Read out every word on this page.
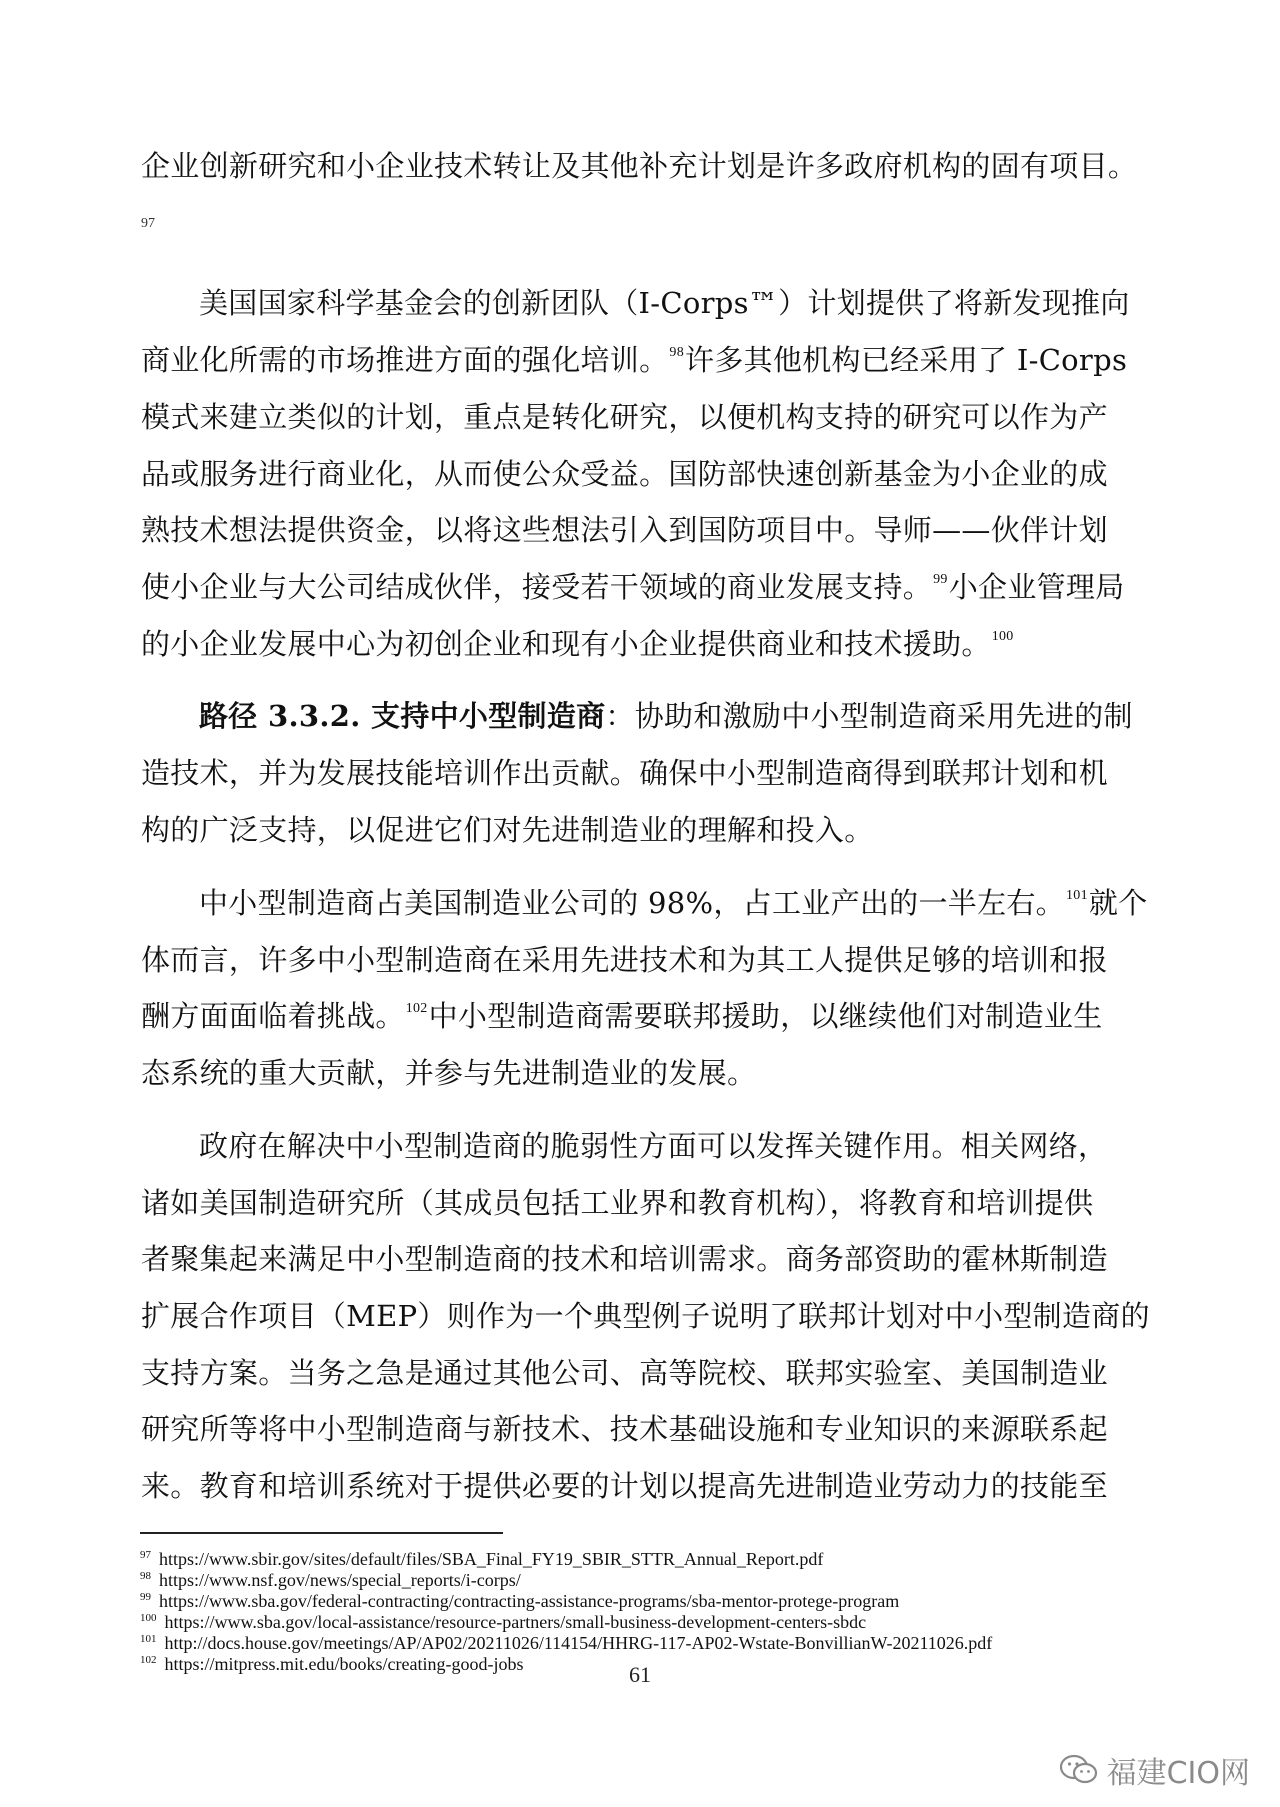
企业创新研究和小企业技术转让及其他补充计划是许多政府机构的固有项目。
97
美国国家科学基金会的创新团队（I-Corps™）计划提供了将新发现推向
商业化所需的市场推进方面的强化培训。$^{98}$许多其他机构已经采用了 I-Corps
模式来建立类似的计划，重点是转化研究，以便机构支持的研究可以作为产
品或服务进行商业化，从而使公众受益。国防部快速创新基金为小企业的成
熟技术想法提供资金，以将这些想法引入到国防项目中。导师——伙伴计划
使小企业与大公司结成伙伴，接受若干领域的商业发展支持。$^{99}$小企业管理局
的小企业发展中心为初创企业和现有小企业提供商业和技术援助。$^{100}$
路径 3.3.2. 支持中小型制造商：协助和激励中小型制造商采用先进的制
造技术，并为发展技能培训作出贡献。确保中小型制造商得到联邦计划和机
构的广泛支持，以促进它们对先进制造业的理解和投入。
中小型制造商占美国制造业公司的 98%，占工业产出的一半左右。$^{101}$就个
体而言，许多中小型制造商在采用先进技术和为其工人提供足够的培训和报
酬方面面临着挑战。$^{102}$中小型制造商需要联邦援助，以继续他们对制造业生
态系统的重大贡献，并参与先进制造业的发展。
政府在解决中小型制造商的脆弱性方面可以发挥关键作用。相关网络，
诸如美国制造研究所（其成员包括工业界和教育机构），将教育和培训提供
者聚集起来满足中小型制造商的技术和培训需求。商务部资助的霍林斯制造
扩展合作项目（MEP）则作为一个典型例子说明了联邦计划对中小型制造商的
支持方案。当务之急是通过其他公司、高等院校、联邦实验室、美国制造业
研究所等将中小型制造商与新技术、技术基础设施和专业知识的来源联系起
来。教育和培训系统对于提供必要的计划以提高先进制造业劳动力的技能至
$^{97}$ https://www.sbir.gov/sites/default/files/SBA_Final_FY19_SBIR_STTR_Annual_Report.pdf
$^{98}$ https://www.nsf.gov/news/special_reports/i-corps/
$^{99}$ https://www.sba.gov/federal-contracting/contracting-assistance-programs/sba-mentor-protege-program
$^{100}$ https://www.sba.gov/local-assistance/resource-partners/small-business-development-centers-sbdc
$^{101}$ http://docs.house.gov/meetings/AP/AP02/20211026/114154/HHRG-117-AP02-Wstate-BonvillianW-20211026.pdf
$^{102}$ https://mitpress.mit.edu/books/creating-good-jobs	61
福建CIO网
